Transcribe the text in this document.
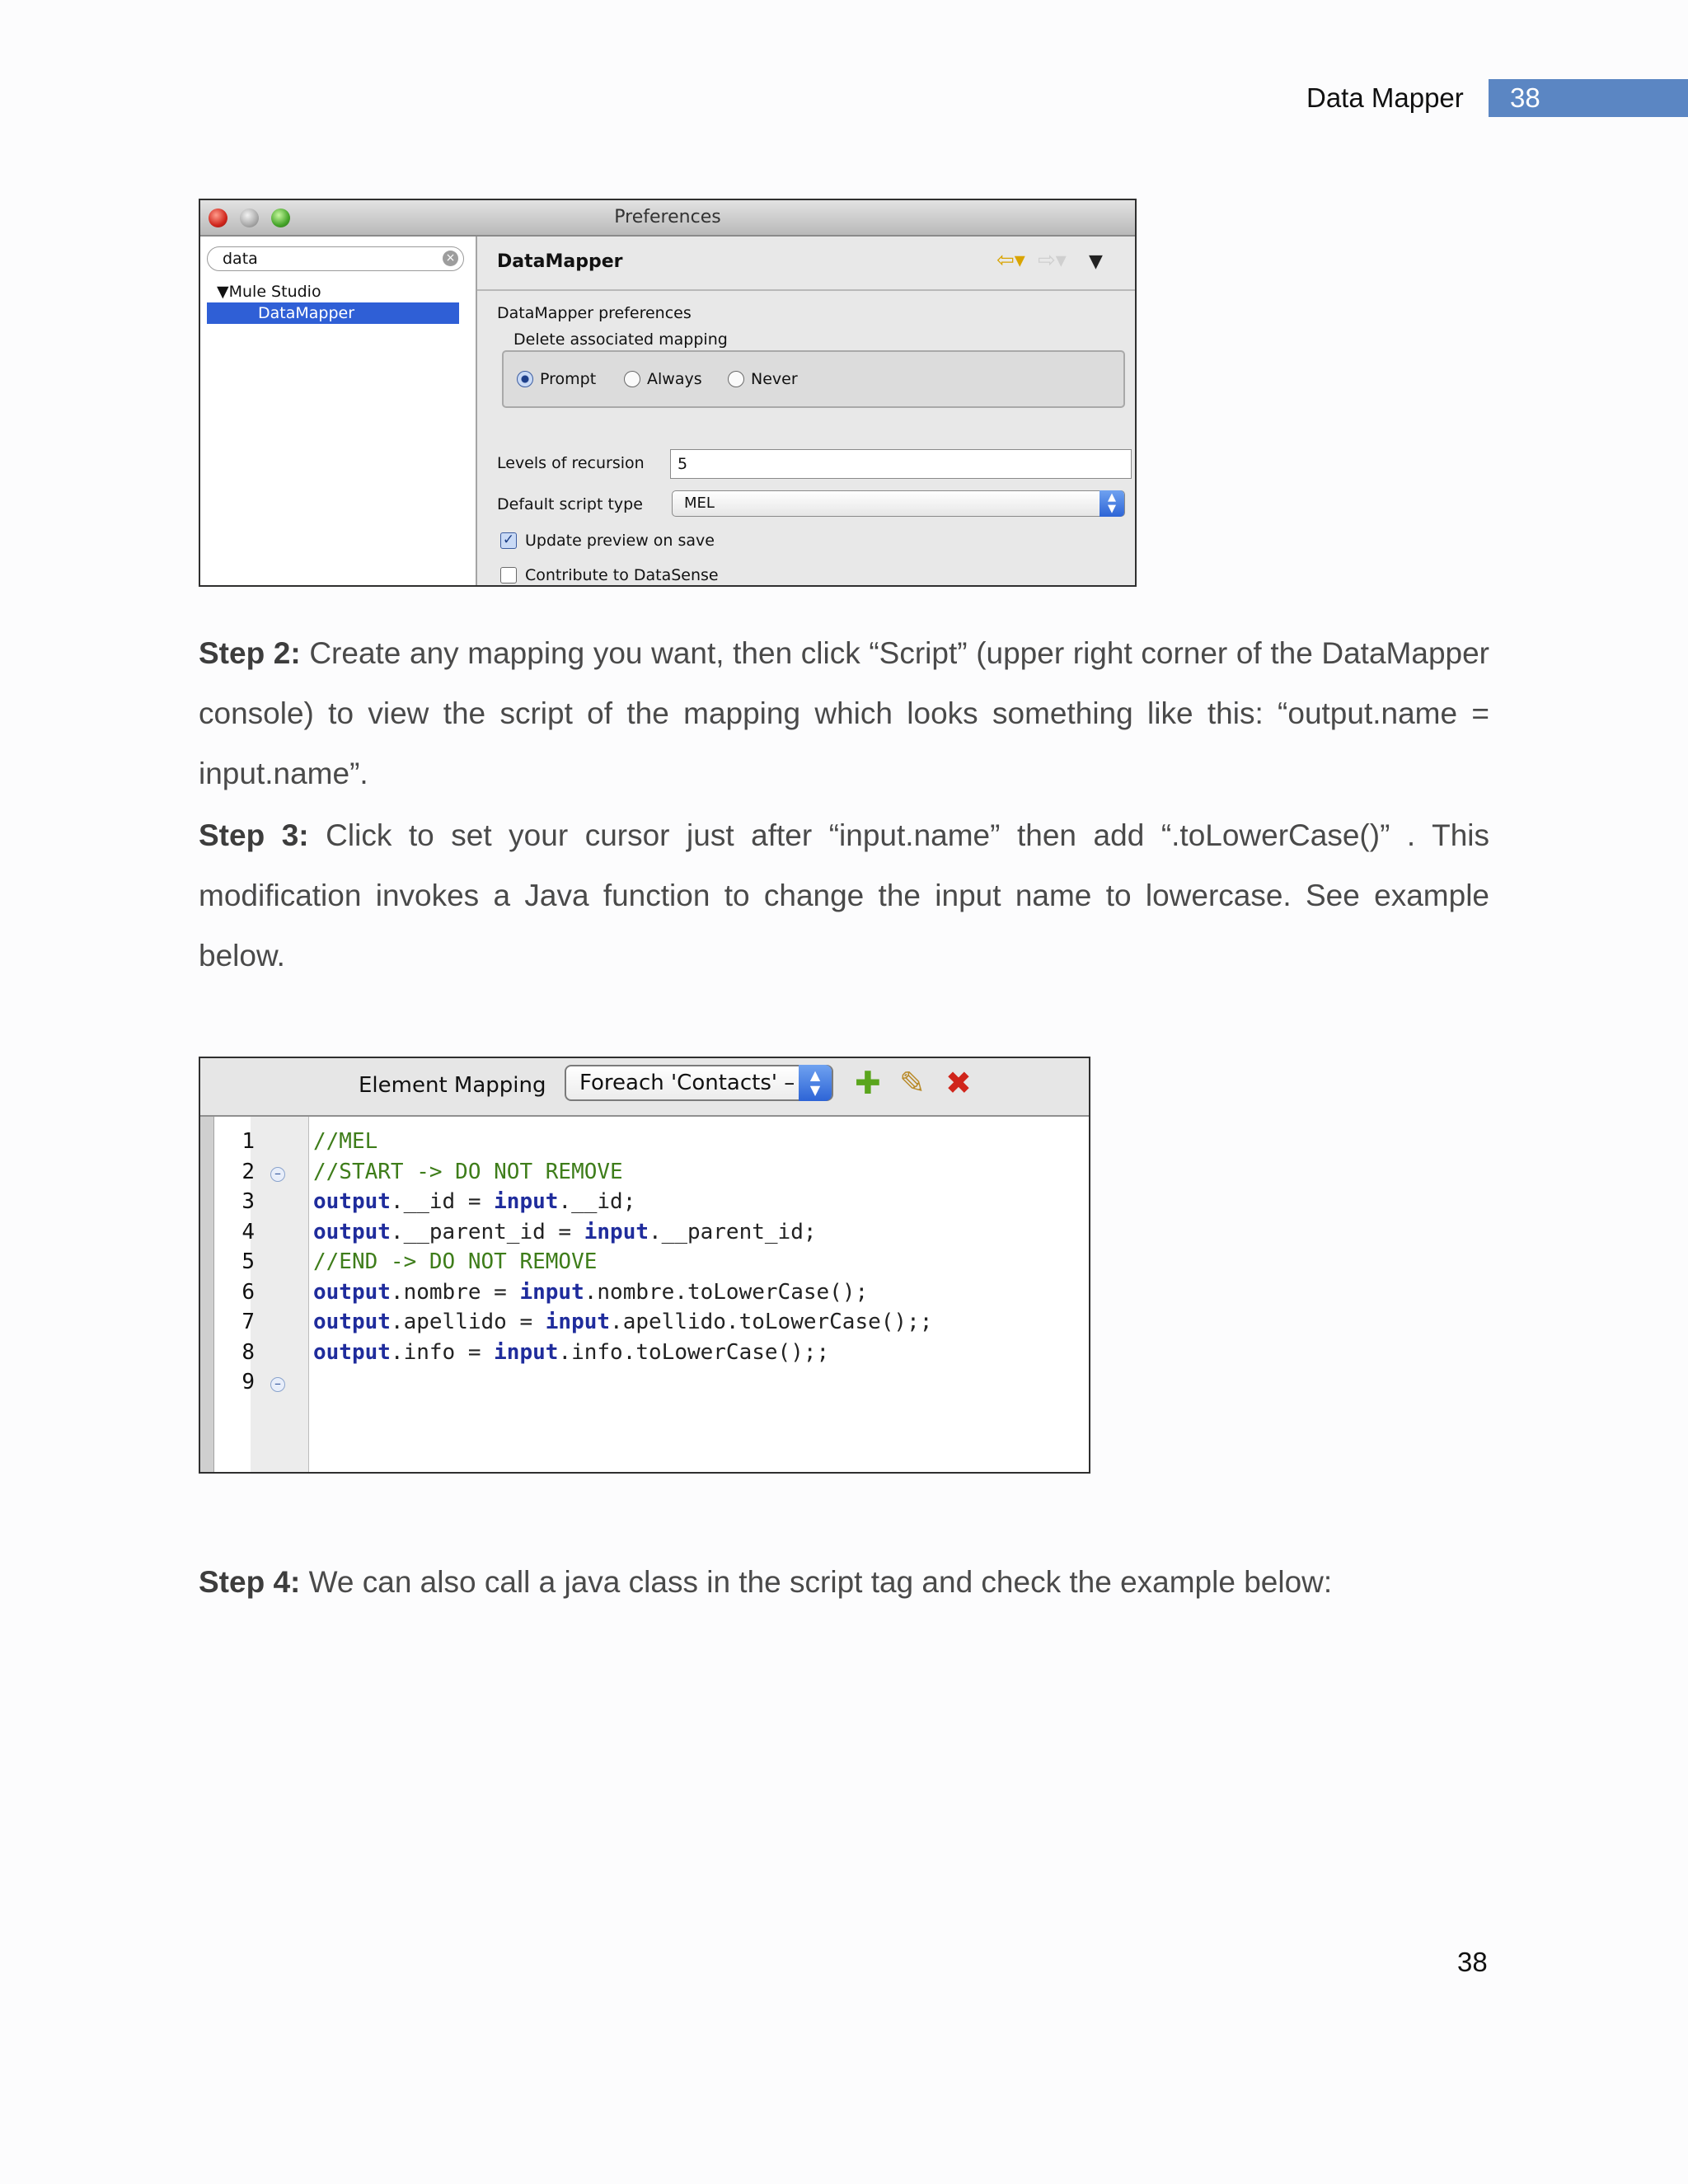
Data Mapper	38
Preferences
data	×
▼Mule Studio
DataMapper
DataMapper	⇦▾ ⇨▾ ▼
DataMapper preferences
Delete associated mapping
Prompt	Always	Never
Levels of recursion	5
Default script type	MEL	▲
▼
✓ Update preview on save
Contribute to DataSense
Step 2: Create any mapping you want, then click “Script” (upper right corner of the DataMapper console) to view the script of the mapping which looks something like this: “output.name = input.name”.
Step 3: Click to set your cursor just after “input.name” then add “.toLowerCase()” . This modification invokes a Java function to change the input name to lowercase. See example below.
Element Mapping	Foreach 'Contacts' –	▲
▼	✚ ✎ ✖
1	//MEL
2	– //START -> DO NOT REMOVE
3	output.__id = input.__id;
4	output.__parent_id = input.__parent_id;
5	//END -> DO NOT REMOVE
6	output.nombre = input.nombre.toLowerCase();
7	output.apellido = input.apellido.toLowerCase();;
8	output.info = input.info.toLowerCase();;
9	–
Step 4: We can also call a java class in the script tag and check the example below:
38
